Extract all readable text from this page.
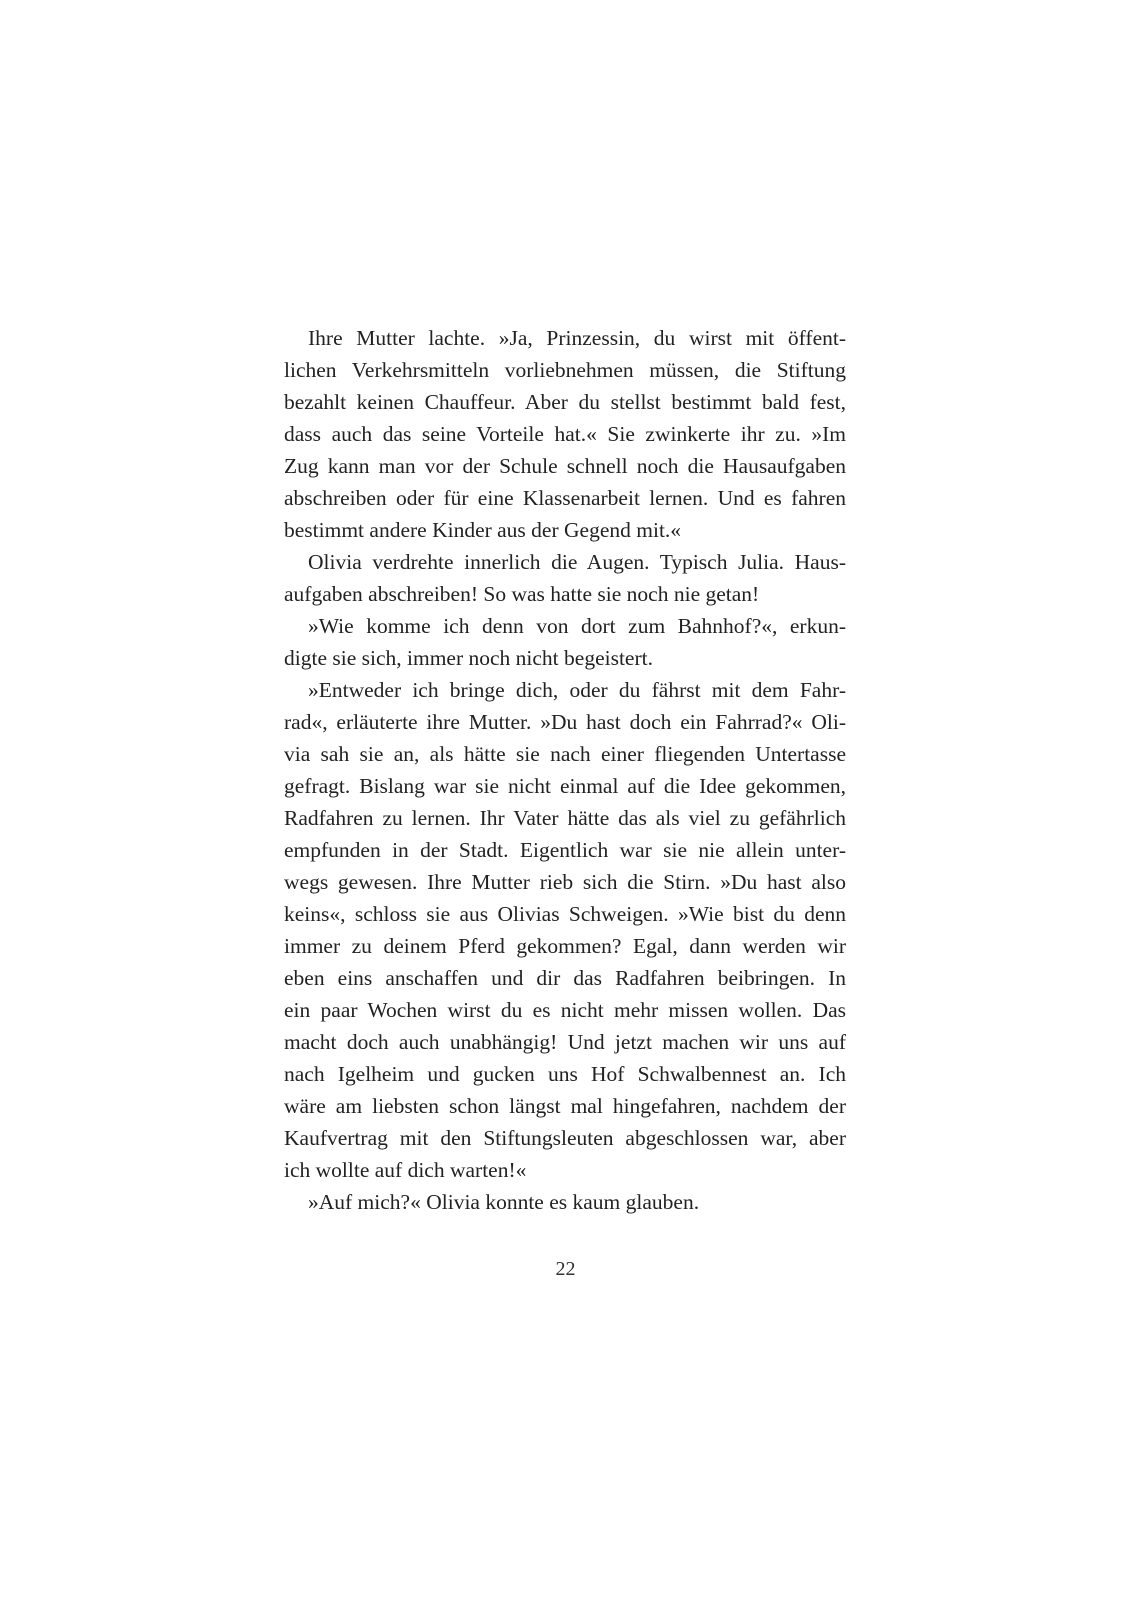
Ihre Mutter lachte. »Ja, Prinzessin, du wirst mit öffent-
lichen Verkehrsmitteln vorliebnehmen müssen, die Stiftung
bezahlt keinen Chauffeur. Aber du stellst bestimmt bald fest,
dass auch das seine Vorteile hat.« Sie zwinkerte ihr zu. »Im
Zug kann man vor der Schule schnell noch die Hausaufgaben
abschreiben oder für eine Klassenarbeit lernen. Und es fahren
bestimmt andere Kinder aus der Gegend mit.«
Olivia verdrehte innerlich die Augen. Typisch Julia. Haus-
aufgaben abschreiben! So was hatte sie noch nie getan!
»Wie komme ich denn von dort zum Bahnhof?«, erkun-
digte sie sich, immer noch nicht begeistert.
»Entweder ich bringe dich, oder du fährst mit dem Fahr-
rad«, erläuterte ihre Mutter. »Du hast doch ein Fahrrad?« Oli-
via sah sie an, als hätte sie nach einer fliegenden Untertasse
gefragt. Bislang war sie nicht einmal auf die Idee gekommen,
Radfahren zu lernen. Ihr Vater hätte das als viel zu gefährlich
empfunden in der Stadt. Eigentlich war sie nie allein unter-
wegs gewesen. Ihre Mutter rieb sich die Stirn. »Du hast also
keins«, schloss sie aus Olivias Schweigen. »Wie bist du denn
immer zu deinem Pferd gekommen? Egal, dann werden wir
eben eins anschaffen und dir das Radfahren beibringen. In
ein paar Wochen wirst du es nicht mehr missen wollen. Das
macht doch auch unabhängig! Und jetzt machen wir uns auf
nach Igelheim und gucken uns Hof Schwalbennest an. Ich
wäre am liebsten schon längst mal hingefahren, nachdem der
Kaufvertrag mit den Stiftungsleuten abgeschlossen war, aber
ich wollte auf dich warten!«
»Auf mich?« Olivia konnte es kaum glauben.
22
